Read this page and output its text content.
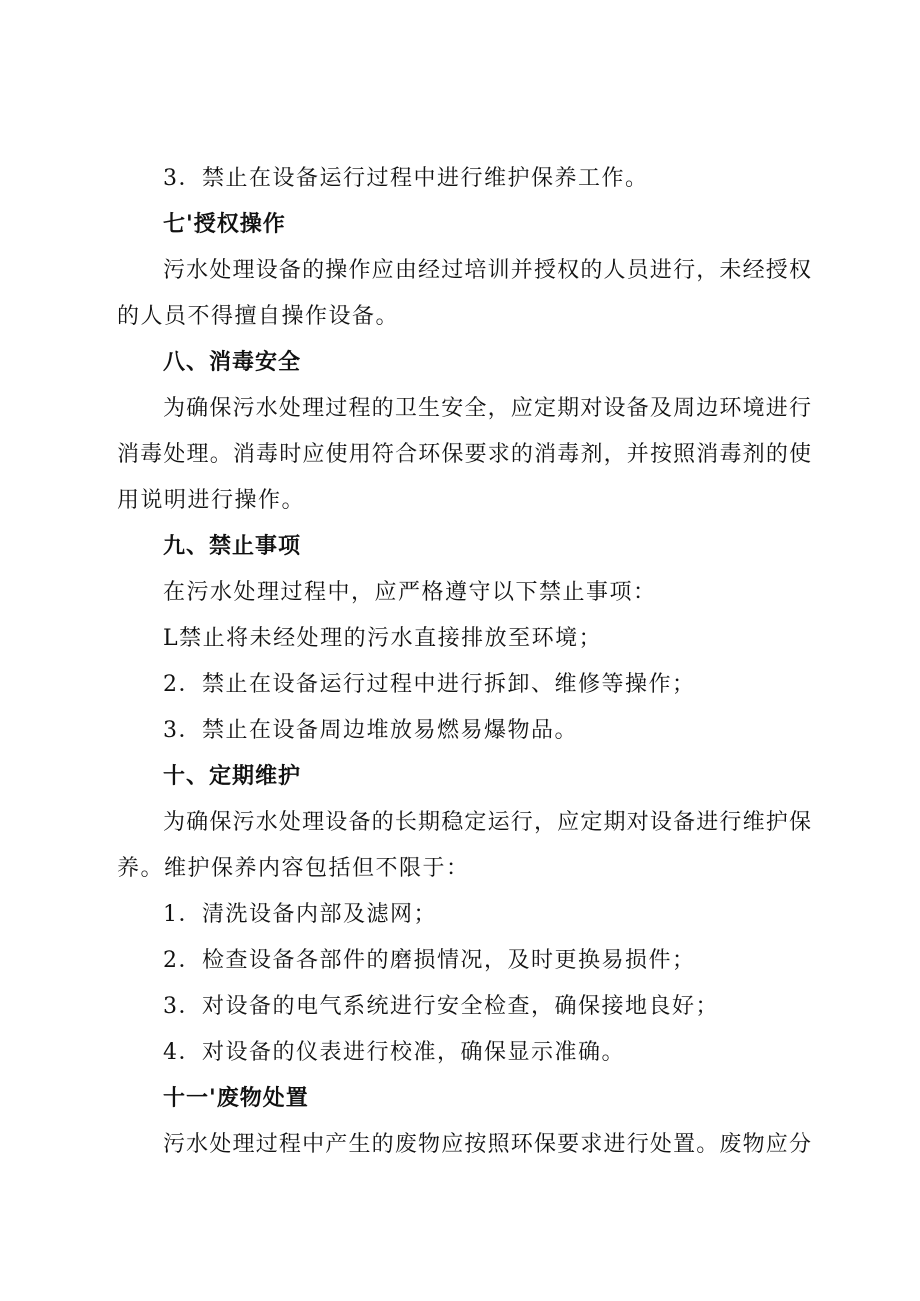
3．禁止在设备运行过程中进行维护保养工作。
七'授权操作
污水处理设备的操作应由经过培训并授权的人员进行，未经授权
的人员不得擅自操作设备。
八、消毒安全
为确保污水处理过程的卫生安全，应定期对设备及周边环境进行
消毒处理。消毒时应使用符合环保要求的消毒剂，并按照消毒剂的使
用说明进行操作。
九、禁止事项
在污水处理过程中，应严格遵守以下禁止事项：
L禁止将未经处理的污水直接排放至环境；
2．禁止在设备运行过程中进行拆卸、维修等操作；
3．禁止在设备周边堆放易燃易爆物品。
十、定期维护
为确保污水处理设备的长期稳定运行，应定期对设备进行维护保
养。维护保养内容包括但不限于：
1．清洗设备内部及滤网；
2．检查设备各部件的磨损情况，及时更换易损件；
3．对设备的电气系统进行安全检查，确保接地良好；
4．对设备的仪表进行校准，确保显示准确。
十一'废物处置
污水处理过程中产生的废物应按照环保要求进行处置。废物应分
